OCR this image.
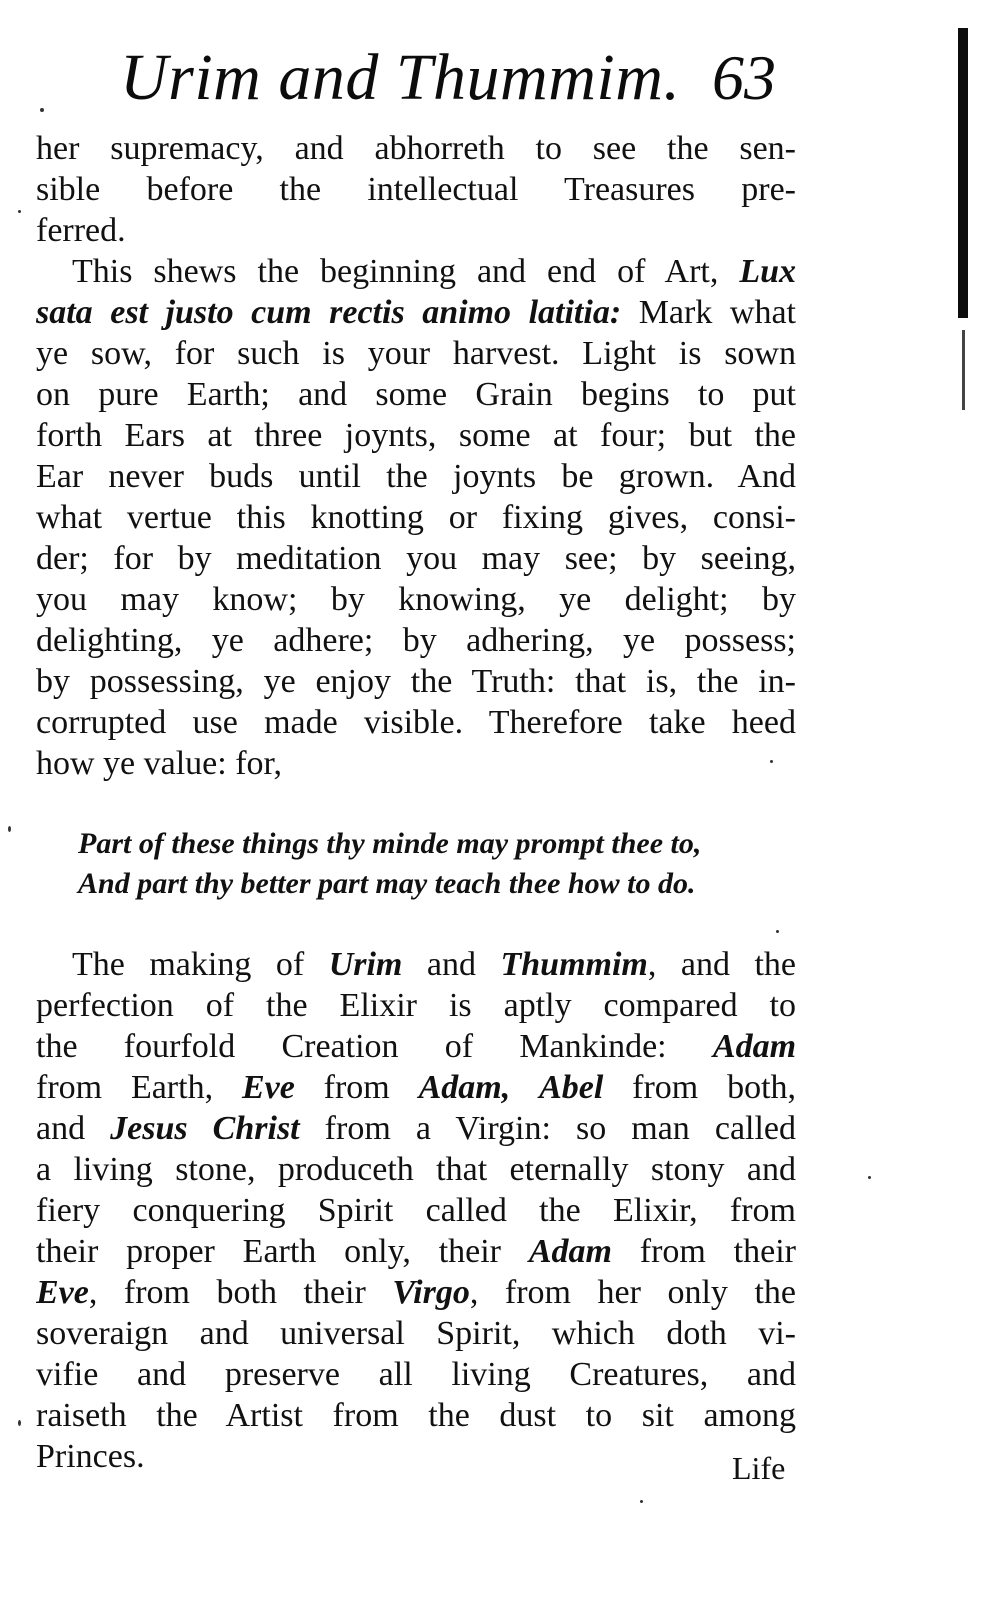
Urim and Thummim. 63
her supremacy, and abhorreth to see the sen-
sible before the intellectual Treasures pre-
ferred.
This shews the beginning and end of Art, Lux
sata est justo cum rectis animo latitia: Mark what
ye sow, for such is your harvest. Light is sown
on pure Earth; and some Grain begins to put
forth Ears at three joynts, some at four; but the
Ear never buds until the joynts be grown. And
what vertue this knotting or fixing gives, consi-
der; for by meditation you may see; by seeing,
you may know; by knowing, ye delight; by
delighting, ye adhere; by adhering, ye possess;
by possessing, ye enjoy the Truth: that is, the in-
corrupted use made visible. Therefore take heed
how ye value: for,
Part of these things thy minde may prompt thee to,
And part thy better part may teach thee how to do.
The making of Urim and Thummim, and the
perfection of the Elixir is aptly compared to
the fourfold Creation of Mankinde: Adam
from Earth, Eve from Adam, Abel from both,
and Jesus Christ from a Virgin: so man called
a living stone, produceth that eternally stony and
fiery conquering Spirit called the Elixir, from
their proper Earth only, their Adam from their
Eve, from both their Virgo, from her only the
soveraign and universal Spirit, which doth vi-
vifie and preserve all living Creatures, and
raiseth the Artist from the dust to sit among
Princes.	Life
